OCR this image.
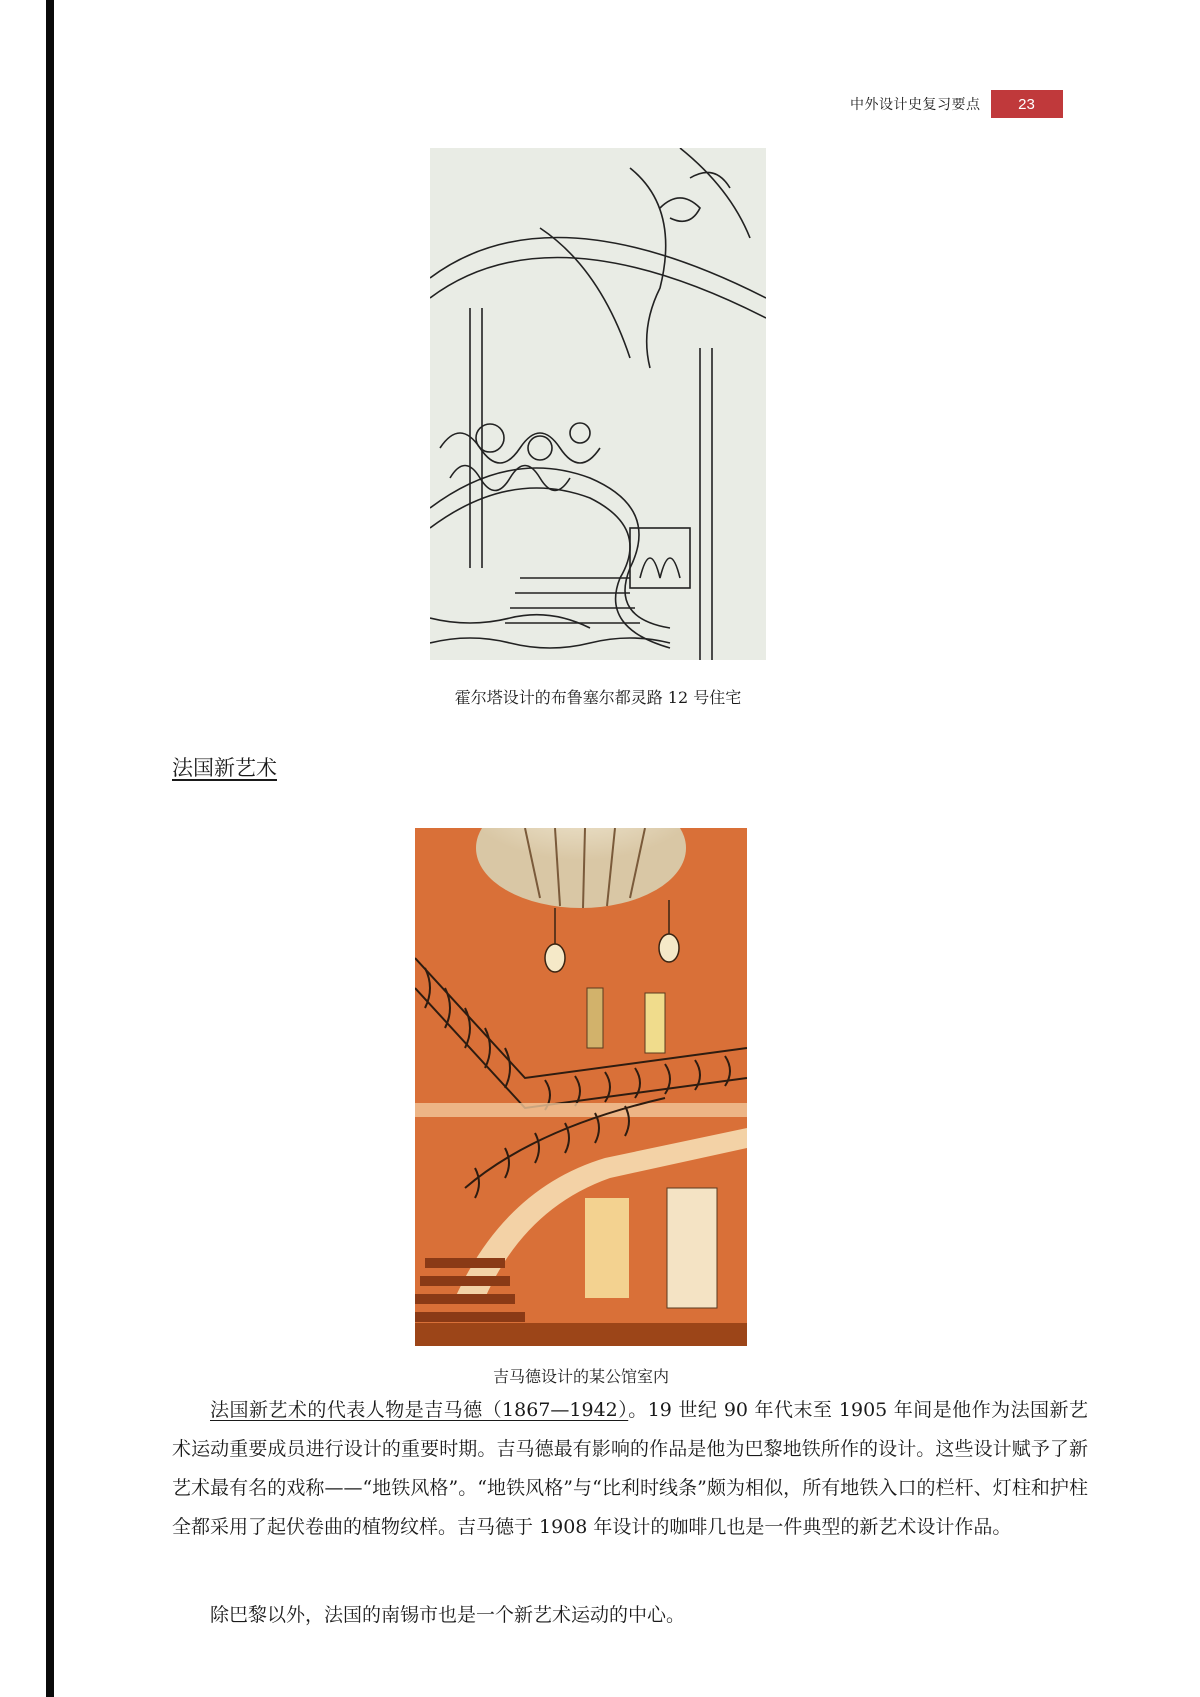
中外设计史复习要点	23
霍尔塔设计的布鲁塞尔都灵路 12 号住宅
法国新艺术
吉马德设计的某公馆室内

法国新艺术的代表人物是吉马德（1867—1942）。19 世纪 90 年代末至 1905 年间是他作为法国新艺术运动重要成员进行设计的重要时期。吉马德最有影响的作品是他为巴黎地铁所作的设计。这些设计赋予了新艺术最有名的戏称——“地铁风格”。“地铁风格”与“比利时线条”颇为相似，所有地铁入口的栏杆、灯柱和护柱全都采用了起伏卷曲的植物纹样。吉马德于 1908 年设计的咖啡几也是一件典型的新艺术设计作品。

除巴黎以外，法国的南锡市也是一个新艺术运动的中心。
